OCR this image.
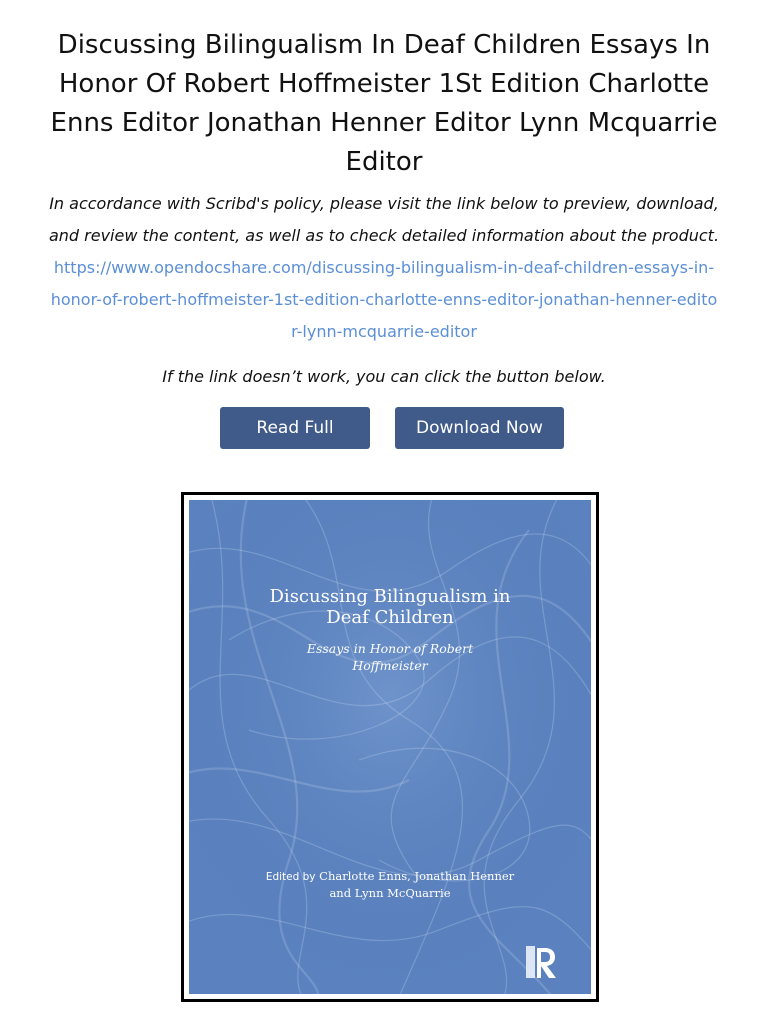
Discussing Bilingualism In Deaf Children Essays In Honor Of Robert Hoffmeister 1St Edition Charlotte Enns Editor Jonathan Henner Editor Lynn Mcquarrie Editor

In accordance with Scribd's policy, please visit the link below to preview, download, and review the content, as well as to check detailed information about the product.

https://www.opendocshare.com/discussing-bilingualism-in-deaf-children-essays-in-honor-of-robert-hoffmeister-1st-edition-charlotte-enns-editor-jonathan-henner-editor-lynn-mcquarrie-editor

If the link doesn’t work, you can click the button below.

Read Full	Download Now
Discussing Bilingualism in
Deaf Children
Essays in Honor of Robert
Hoffmeister
Edited by Charlotte Enns, Jonathan Henner
and Lynn McQuarrie
